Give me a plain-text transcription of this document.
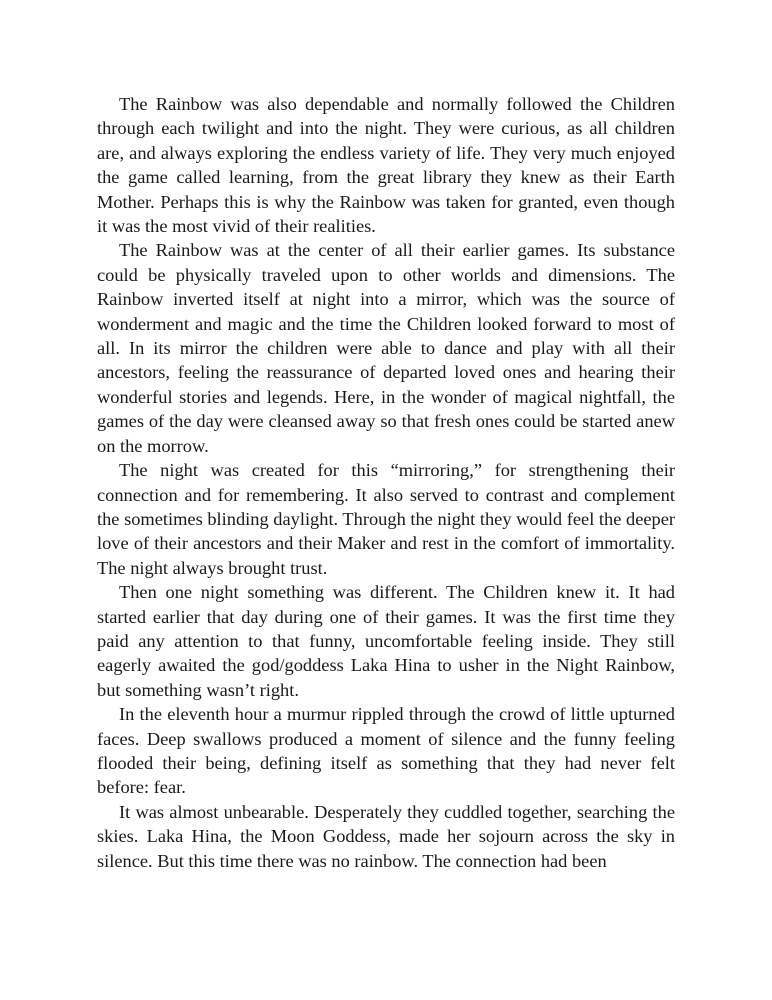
The Rainbow was also dependable and normally followed the Children through each twilight and into the night. They were curious, as all children are, and always exploring the endless variety of life. They very much enjoyed the game called learning, from the great library they knew as their Earth Mother. Perhaps this is why the Rainbow was taken for granted, even though it was the most vivid of their realities.

The Rainbow was at the center of all their earlier games. Its substance could be physically traveled upon to other worlds and dimensions. The Rainbow inverted itself at night into a mirror, which was the source of wonderment and magic and the time the Children looked forward to most of all. In its mirror the children were able to dance and play with all their ancestors, feeling the reassurance of departed loved ones and hearing their wonderful stories and legends. Here, in the wonder of magical nightfall, the games of the day were cleansed away so that fresh ones could be started anew on the morrow.

The night was created for this “mirroring,” for strengthening their connection and for remembering. It also served to contrast and complement the sometimes blinding daylight. Through the night they would feel the deeper love of their ancestors and their Maker and rest in the comfort of immortality. The night always brought trust.

Then one night something was different. The Children knew it. It had started earlier that day during one of their games. It was the first time they paid any attention to that funny, uncomfortable feeling inside. They still eagerly awaited the god/goddess Laka Hina to usher in the Night Rainbow, but something wasn’t right.

In the eleventh hour a murmur rippled through the crowd of little upturned faces. Deep swallows produced a moment of silence and the funny feeling flooded their being, defining itself as something that they had never felt before: fear.

It was almost unbearable. Desperately they cuddled together, searching the skies. Laka Hina, the Moon Goddess, made her sojourn across the sky in silence. But this time there was no rainbow. The connection had been
